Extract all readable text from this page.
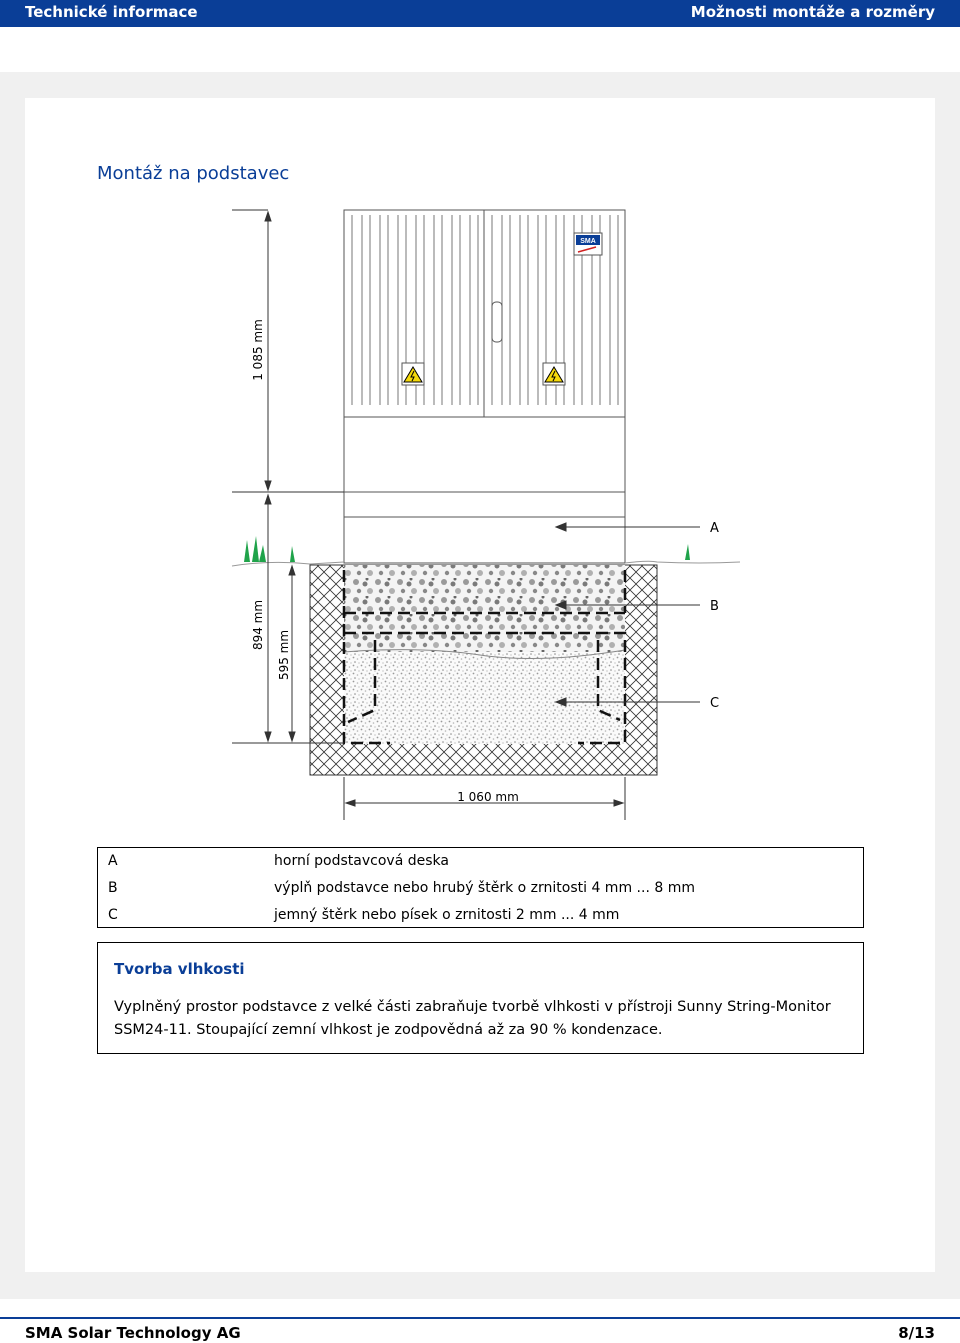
Technické informace	Možnosti montáže a rozměry
Montáž na podstavec
SMA
1 085 mm
894 mm
595 mm
1 060 mm
A
B
C
A	horní podstavcová deska
B	výplň podstavce nebo hrubý štěrk o zrnitosti 4 mm ... 8 mm
C	jemný štěrk nebo písek o zrnitosti 2 mm ... 4 mm
Tvorba vlhkosti
Vyplněný prostor podstavce z velké části zabraňuje tvorbě vlhkosti v přístroji Sunny String-Monitor SSM24-11. Stoupající zemní vlhkost je zodpovědná až za 90 % kondenzace.
SMA Solar Technology AG	8/13
